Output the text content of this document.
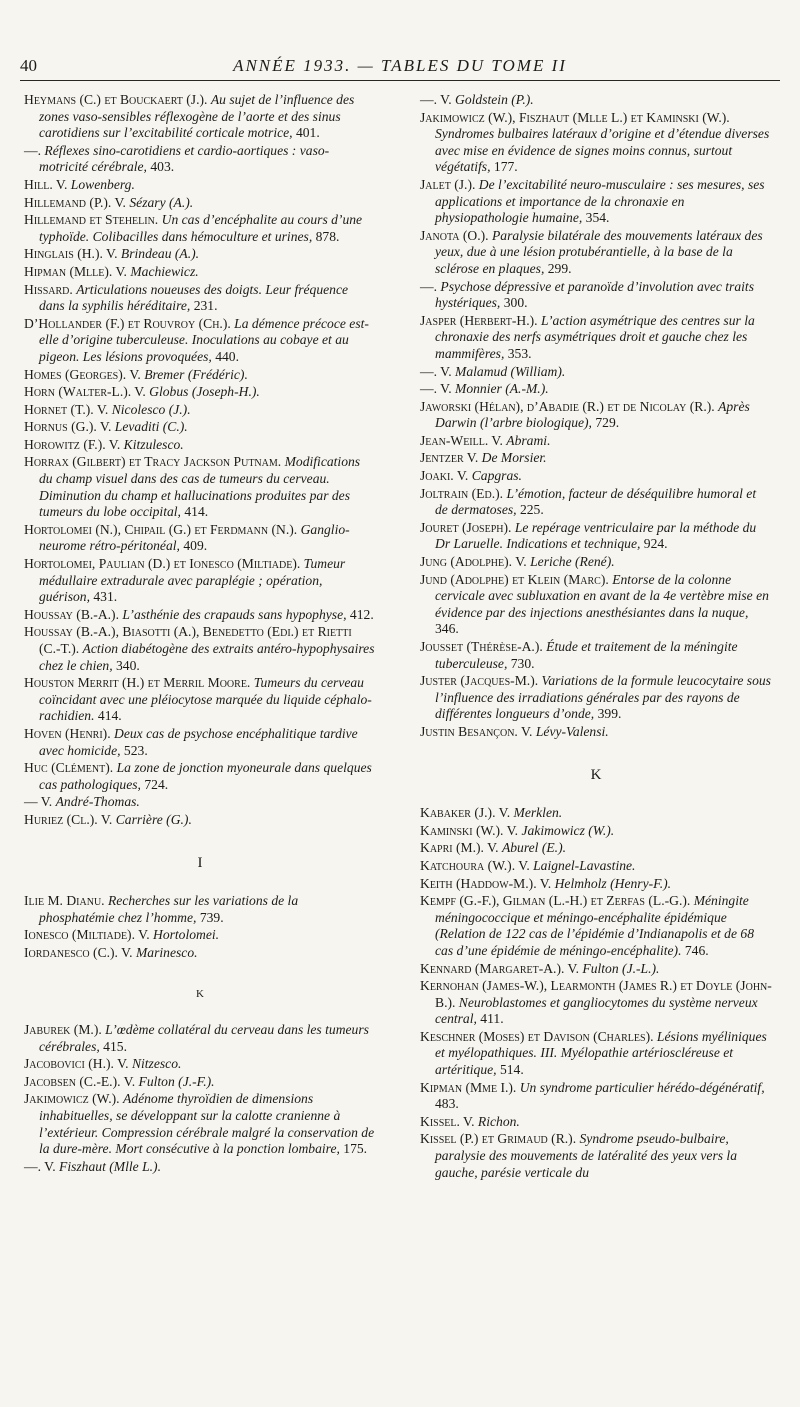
40	ANNÉE 1933. — TABLES DU TOME II

Heymans (C.) et Bouckaert (J.). Au sujet de l’influence des zones vaso-sensibles réflexogène de l’aorte et des sinus carotidiens sur l’excitabilité corticale motrice, 401.

—. Réflexes sino-carotidiens et cardio-aortiques : vaso-motricité cérébrale, 403.

Hill. V. Lowenberg.

Hillemand (P.). V. Sézary (A.).

Hillemand et Stehelin. Un cas d’encéphalite au cours d’une typhoïde. Colibacilles dans hémoculture et urines, 878.

Hinglais (H.). V. Brindeau (A.).

Hipman (Mlle). V. Machiewicz.

Hissard. Articulations noueuses des doigts. Leur fréquence dans la syphilis héréditaire, 231.

D’Hollander (F.) et Rouvroy (Ch.). La démence précoce est-elle d’origine tuberculeuse. Inoculations au cobaye et au pigeon. Les lésions provoquées, 440.

Homes (Georges). V. Bremer (Frédéric).

Horn (Walter-L.). V. Globus (Joseph-H.).

Hornet (T.). V. Nicolesco (J.).

Hornus (G.). V. Levaditi (C.).

Horowitz (F.). V. Kitzulesco.

Horrax (Gilbert) et Tracy Jackson Putnam. Modifications du champ visuel dans des cas de tumeurs du cerveau. Diminution du champ et hallucinations produites par des tumeurs du lobe occipital, 414.

Hortolomei (N.), Chipail (G.) et Ferdmann (N.). Ganglio-neurome rétro-péritonéal, 409.

Hortolomei, Paulian (D.) et Ionesco (Miltiade). Tumeur médullaire extradurale avec paraplégie ; opération, guérison, 431.

Houssay (B.-A.). L’asthénie des crapauds sans hypophyse, 412.

Houssay (B.-A.), Biasotti (A.), Benedetto (Edi.) et Rietti (C.-T.). Action diabétogène des extraits antéro-hypophysaires chez le chien, 340.

Houston Merrit (H.) et Merril Moore. Tumeurs du cerveau coïncidant avec une pléiocytose marquée du liquide céphalo-rachidien. 414.

Hoven (Henri). Deux cas de psychose encéphalitique tardive avec homicide, 523.

Huc (Clément). La zone de jonction myoneurale dans quelques cas pathologiques, 724.

— V. André-Thomas.

Huriez (Cl.). V. Carrière (G.).

I

Ilie M. Dianu. Recherches sur les variations de la phosphatémie chez l’homme, 739.

Ionesco (Miltiade). V. Hortolomei.

Iordanesco (C.). V. Marinesco.

K

Jaburek (M.). L’œdème collatéral du cerveau dans les tumeurs cérébrales, 415.

Jacobovici (H.). V. Nitzesco.

Jacobsen (C.-E.). V. Fulton (J.-F.).

Jakimowicz (W.). Adénome thyroïdien de dimensions inhabituelles, se développant sur la calotte cranienne à l’extérieur. Compression cérébrale malgré la conservation de la dure-mère. Mort consécutive à la ponction lombaire, 175.

—. V. Fiszhaut (Mlle L.).

—. V. Goldstein (P.).

Jakimowicz (W.), Fiszhaut (Mlle L.) et Kaminski (W.). Syndromes bulbaires latéraux d’origine et d’étendue diverses avec mise en évidence de signes moins connus, surtout végétatifs, 177.

Jalet (J.). De l’excitabilité neuro-musculaire : ses mesures, ses applications et importance de la chronaxie en physiopathologie humaine, 354.

Janota (O.). Paralysie bilatérale des mouvements latéraux des yeux, due à une lésion protubérantielle, à la base de la sclérose en plaques, 299.

—. Psychose dépressive et paranoïde d’involution avec traits hystériques, 300.

Jasper (Herbert-H.). L’action asymétrique des centres sur la chronaxie des nerfs asymétriques droit et gauche chez les mammifères, 353.

—. V. Malamud (William).

—. V. Monnier (A.-M.).

Jaworski (Hélan), d’Abadie (R.) et de Nicolay (R.). Après Darwin (l’arbre biologique), 729.

Jean-Weill. V. Abrami.

Jentzer V. De Morsier.

Joaki. V. Capgras.

Joltrain (Ed.). L’émotion, facteur de déséquilibre humoral et de dermatoses, 225.

Jouret (Joseph). Le repérage ventriculaire par la méthode du Dr Laruelle. Indications et technique, 924.

Jung (Adolphe). V. Leriche (René).

Jund (Adolphe) et Klein (Marc). Entorse de la colonne cervicale avec subluxation en avant de la 4e vertèbre mise en évidence par des injections anesthésiantes dans la nuque, 346.

Jousset (Thérèse-A.). Étude et traitement de la méningite tuberculeuse, 730.

Juster (Jacques-M.). Variations de la formule leucocytaire sous l’influence des irradiations générales par des rayons de différentes longueurs d’onde, 399.

Justin Besançon. V. Lévy-Valensi.

K

Kabaker (J.). V. Merklen.

Kaminski (W.). V. Jakimowicz (W.).

Kapri (M.). V. Aburel (E.).

Katchoura (W.). V. Laignel-Lavastine.

Keith (Haddow-M.). V. Helmholz (Henry-F.).

Kempf (G.-F.), Gilman (L.-H.) et Zerfas (L.-G.). Méningite méningococcique et méningo-encéphalite épidémique (Relation de 122 cas de l’épidémie d’Indianapolis et de 68 cas d’une épidémie de méningo-encéphalite). 746.

Kennard (Margaret-A.). V. Fulton (J.-L.).

Kernohan (James-W.), Learmonth (James R.) et Doyle (John-B.). Neuroblastomes et gangliocytomes du système nerveux central, 411.

Keschner (Moses) et Davison (Charles). Lésions myéliniques et myélopathiques. III. Myélopathie artérioscléreuse et artéritique, 514.

Kipman (Mme I.). Un syndrome particulier hérédo-dégénératif, 483.

Kissel. V. Richon.

Kissel (P.) et Grimaud (R.). Syndrome pseudo-bulbaire, paralysie des mouvements de latéralité des yeux vers la gauche, parésie verticale du
